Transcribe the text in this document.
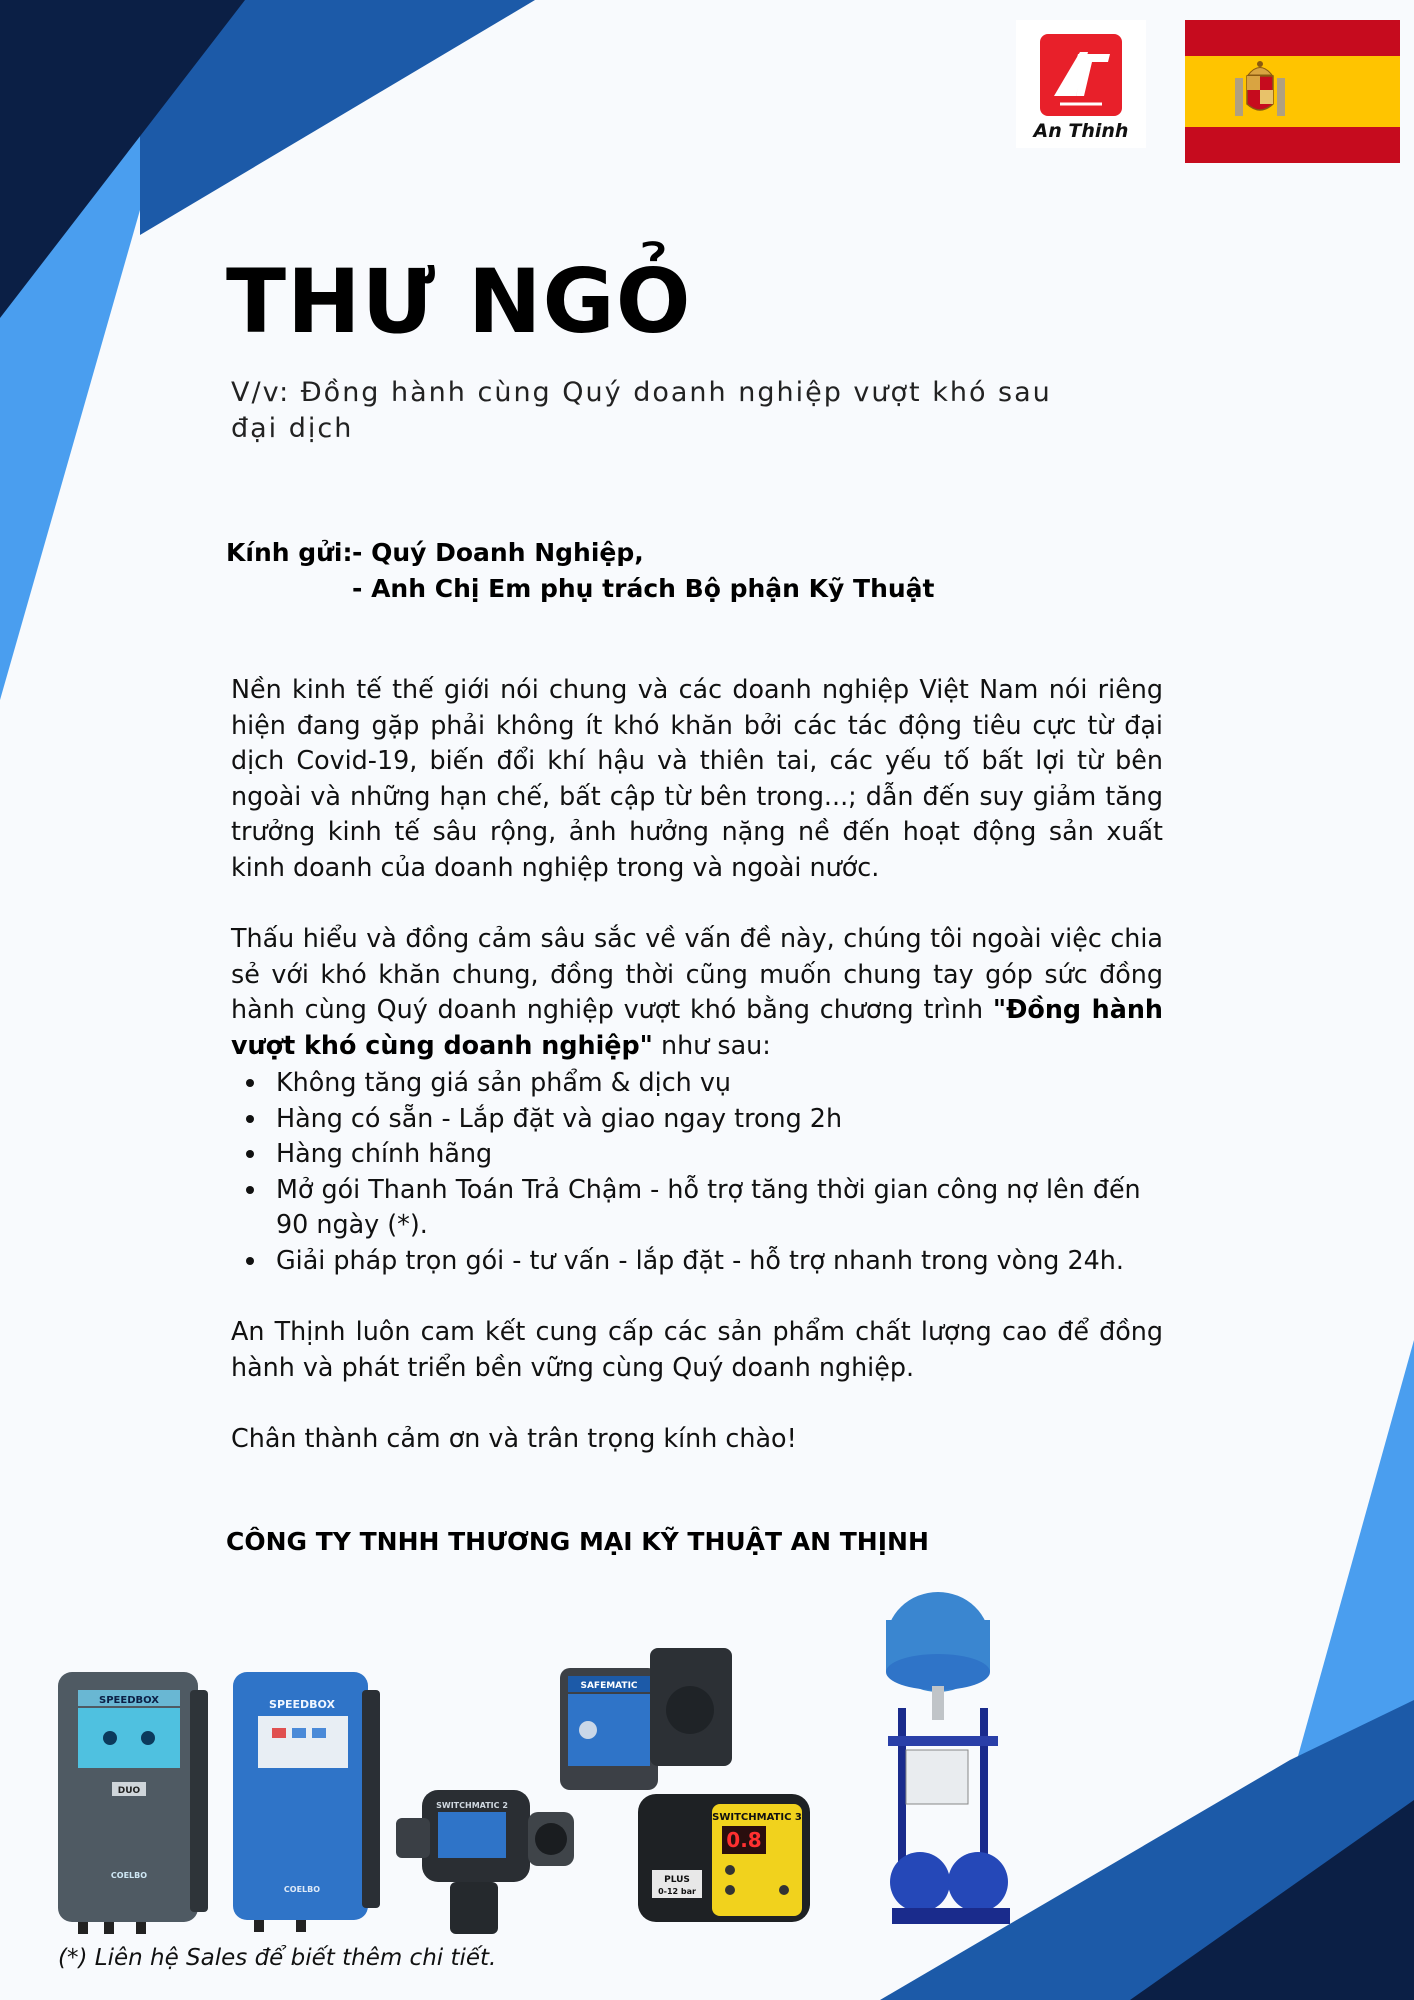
An Thinh
THƯ NGỎ
V/v: Đồng hành cùng Quý doanh nghiệp vượt khó sau
đại dịch
Kính gửi: - Quý Doanh Nghiệp,
- Anh Chị Em phụ trách Bộ phận Kỹ Thuật

Nền kinh tế thế giới nói chung và các doanh nghiệp Việt Nam nói riêng hiện đang gặp phải không ít khó khăn bởi các tác động tiêu cực từ đại dịch Covid-19, biến đổi khí hậu và thiên tai, các yếu tố bất lợi từ bên ngoài và những hạn chế, bất cập từ bên trong...; dẫn đến suy giảm tăng trưởng kinh tế sâu rộng, ảnh hưởng nặng nề đến hoạt động sản xuất kinh doanh của doanh nghiệp trong và ngoài nước.

Thấu hiểu và đồng cảm sâu sắc về vấn đề này, chúng tôi ngoài việc chia sẻ với khó khăn chung, đồng thời cũng muốn chung tay góp sức đồng hành cùng Quý doanh nghiệp vượt khó bằng chương trình "Đồng hành vượt khó cùng doanh nghiệp" như sau:

Không tăng giá sản phẩm & dịch vụ
Hàng có sẵn - Lắp đặt và giao ngay trong 2h
Hàng chính hãng
Mở gói Thanh Toán Trả Chậm - hỗ trợ tăng thời gian công nợ lên đến 90 ngày (*).
Giải pháp trọn gói - tư vấn - lắp đặt - hỗ trợ nhanh trong vòng 24h.

An Thịnh luôn cam kết cung cấp các sản phẩm chất lượng cao để đồng hành và phát triển bền vững cùng Quý doanh nghiệp.

Chân thành cảm ơn và trân trọng kính chào!

CÔNG TY TNHH THƯƠNG MẠI KỸ THUẬT AN THỊNH
SPEEDBOX
DUO
COELBO
SPEEDBOX
COELBO
SAFEMATIC
SWITCHMATIC 2
SWITCHMATIC 3
0.8
PLUS
0-12 bar
(*) Liên hệ Sales để biết thêm chi tiết.
